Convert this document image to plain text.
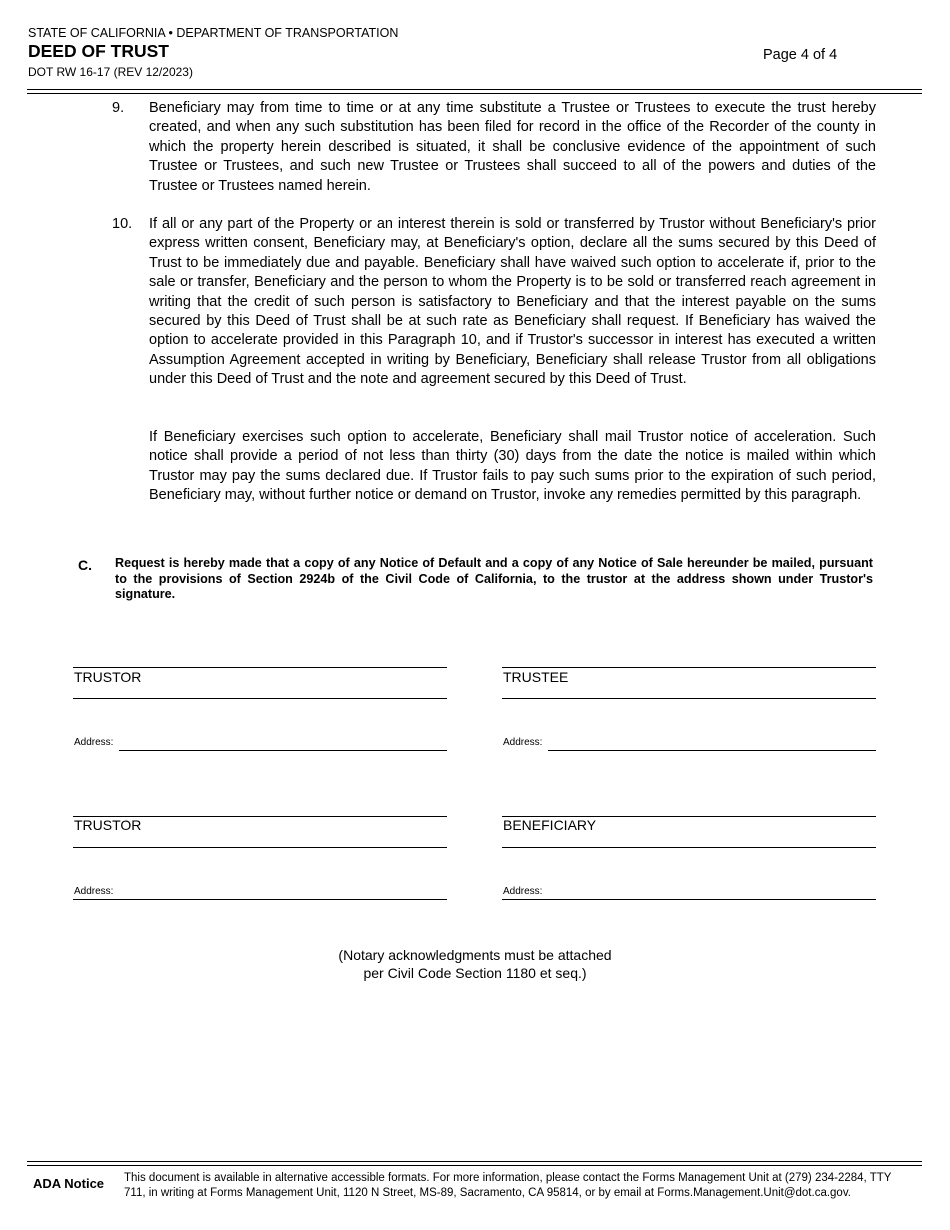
STATE OF CALIFORNIA • DEPARTMENT OF TRANSPORTATION
DEED OF TRUST
DOT RW 16-17 (REV 12/2023)
Page 4 of 4
9. Beneficiary may from time to time or at any time substitute a Trustee or Trustees to execute the trust hereby created, and when any such substitution has been filed for record in the office of the Recorder of the county in which the property herein described is situated, it shall be conclusive evidence of the appointment of such Trustee or Trustees, and such new Trustee or Trustees shall succeed to all of the powers and duties of the Trustee or Trustees named herein.
10. If all or any part of the Property or an interest therein is sold or transferred by Trustor without Beneficiary's prior express written consent, Beneficiary may, at Beneficiary's option, declare all the sums secured by this Deed of Trust to be immediately due and payable. Beneficiary shall have waived such option to accelerate if, prior to the sale or transfer, Beneficiary and the person to whom the Property is to be sold or transferred reach agreement in writing that the credit of such person is satisfactory to Beneficiary and that the interest payable on the sums secured by this Deed of Trust shall be at such rate as Beneficiary shall request. If Beneficiary has waived the option to accelerate provided in this Paragraph 10, and if Trustor's successor in interest has executed a written Assumption Agreement accepted in writing by Beneficiary, Beneficiary shall release Trustor from all obligations under this Deed of Trust and the note and agreement secured by this Deed of Trust.
If Beneficiary exercises such option to accelerate, Beneficiary shall mail Trustor notice of acceleration. Such notice shall provide a period of not less than thirty (30) days from the date the notice is mailed within which Trustor may pay the sums declared due. If Trustor fails to pay such sums prior to the expiration of such period, Beneficiary may, without further notice or demand on Trustor, invoke any remedies permitted by this paragraph.
C. Request is hereby made that a copy of any Notice of Default and a copy of any Notice of Sale hereunder be mailed, pursuant to the provisions of Section 2924b of the Civil Code of California, to the trustor at the address shown under Trustor's signature.
TRUSTOR
Address:
TRUSTEE
Address:
TRUSTOR
Address:
BENEFICIARY
Address:
(Notary acknowledgments must be attached
per Civil Code Section 1180 et seq.)
ADA Notice This document is available in alternative accessible formats. For more information, please contact the Forms Management Unit at (279) 234-2284, TTY 711, in writing at Forms Management Unit, 1120 N Street, MS-89, Sacramento, CA 95814, or by email at Forms.Management.Unit@dot.ca.gov.
